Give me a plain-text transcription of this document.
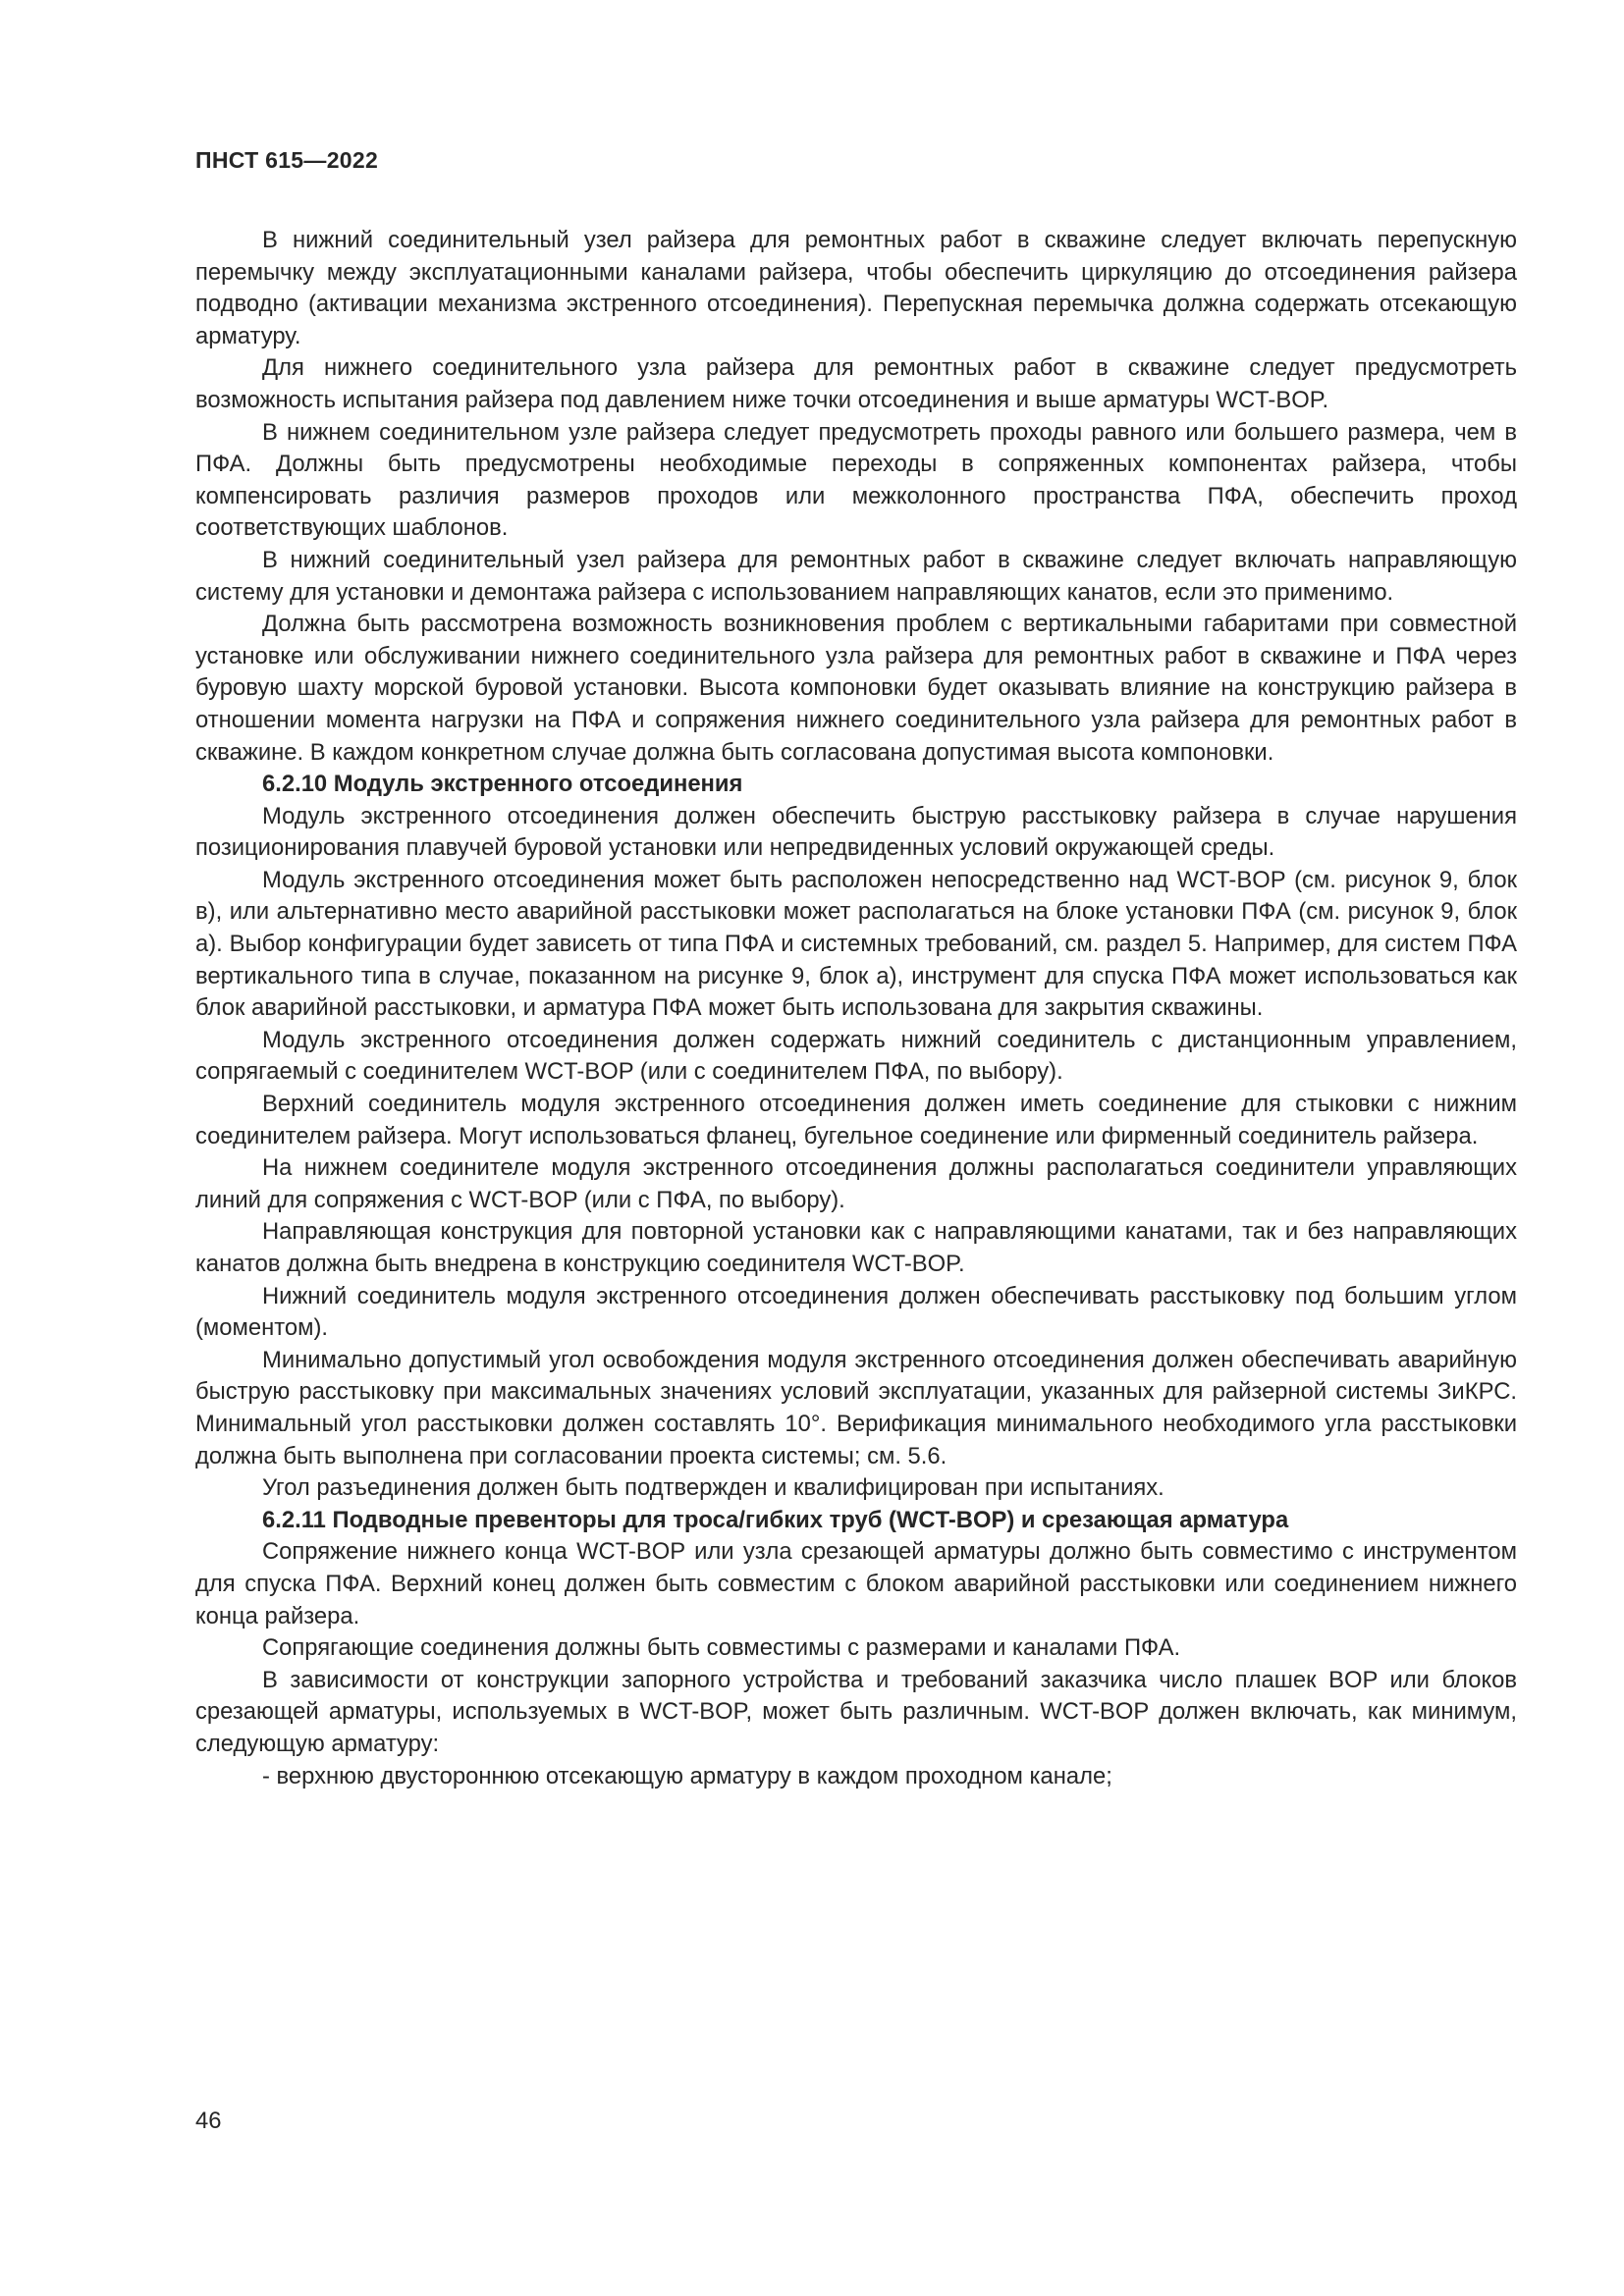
ПНСТ 615—2022

В нижний соединительный узел райзера для ремонтных работ в скважине следует включать перепускную перемычку между эксплуатационными каналами райзера, чтобы обеспечить циркуляцию до отсоединения райзера подводно (активации механизма экстренного отсоединения). Перепускная перемычка должна содержать отсекающую арматуру.

Для нижнего соединительного узла райзера для ремонтных работ в скважине следует предусмотреть возможность испытания райзера под давлением ниже точки отсоединения и выше арматуры WCT-BOP.

В нижнем соединительном узле райзера следует предусмотреть проходы равного или большего размера, чем в ПФА. Должны быть предусмотрены необходимые переходы в сопряженных компонентах райзера, чтобы компенсировать различия размеров проходов или межколонного пространства ПФА, обеспечить проход соответствующих шаблонов.

В нижний соединительный узел райзера для ремонтных работ в скважине следует включать направляющую систему для установки и демонтажа райзера с использованием направляющих канатов, если это применимо.

Должна быть рассмотрена возможность возникновения проблем с вертикальными габаритами при совместной установке или обслуживании нижнего соединительного узла райзера для ремонтных работ в скважине и ПФА через буровую шахту морской буровой установки. Высота компоновки будет оказывать влияние на конструкцию райзера в отношении момента нагрузки на ПФА и сопряжения нижнего соединительного узла райзера для ремонтных работ в скважине. В каждом конкретном случае должна быть согласована допустимая высота компоновки.

6.2.10 Модуль экстренного отсоединения

Модуль экстренного отсоединения должен обеспечить быструю расстыковку райзера в случае нарушения позиционирования плавучей буровой установки или непредвиденных условий окружающей среды.

Модуль экстренного отсоединения может быть расположен непосредственно над WCT-BOP (см. рисунок 9, блок в), или альтернативно место аварийной расстыковки может располагаться на блоке установки ПФА (см. рисунок 9, блок а). Выбор конфигурации будет зависеть от типа ПФА и системных требований, см. раздел 5. Например, для систем ПФА вертикального типа в случае, показанном на рисунке 9, блок а), инструмент для спуска ПФА может использоваться как блок аварийной расстыковки, и арматура ПФА может быть использована для закрытия скважины.

Модуль экстренного отсоединения должен содержать нижний соединитель с дистанционным управлением, сопрягаемый с соединителем WCT-BOP (или с соединителем ПФА, по выбору).

Верхний соединитель модуля экстренного отсоединения должен иметь соединение для стыковки с нижним соединителем райзера. Могут использоваться фланец, бугельное соединение или фирменный соединитель райзера.

На нижнем соединителе модуля экстренного отсоединения должны располагаться соединители управляющих линий для сопряжения с WCT-BOP (или с ПФА, по выбору).

Направляющая конструкция для повторной установки как с направляющими канатами, так и без направляющих канатов должна быть внедрена в конструкцию соединителя WCT-BOP.

Нижний соединитель модуля экстренного отсоединения должен обеспечивать расстыковку под большим углом (моментом).

Минимально допустимый угол освобождения модуля экстренного отсоединения должен обеспечивать аварийную быструю расстыковку при максимальных значениях условий эксплуатации, указанных для райзерной системы ЗиКРС. Минимальный угол расстыковки должен составлять 10°. Верификация минимального необходимого угла расстыковки должна быть выполнена при согласовании проекта системы; см. 5.6.

Угол разъединения должен быть подтвержден и квалифицирован при испытаниях.

6.2.11 Подводные превенторы для троса/гибких труб (WCT-BOP) и срезающая арматура

Сопряжение нижнего конца WCT-BOP или узла срезающей арматуры должно быть совместимо с инструментом для спуска ПФА. Верхний конец должен быть совместим с блоком аварийной расстыковки или соединением нижнего конца райзера.

Сопрягающие соединения должны быть совместимы с размерами и каналами ПФА.

В зависимости от конструкции запорного устройства и требований заказчика число плашек BOP или блоков срезающей арматуры, используемых в WCT-BOP, может быть различным. WCT-BOP должен включать, как минимум, следующую арматуру:

- верхнюю двустороннюю отсекающую арматуру в каждом проходном канале;

46
